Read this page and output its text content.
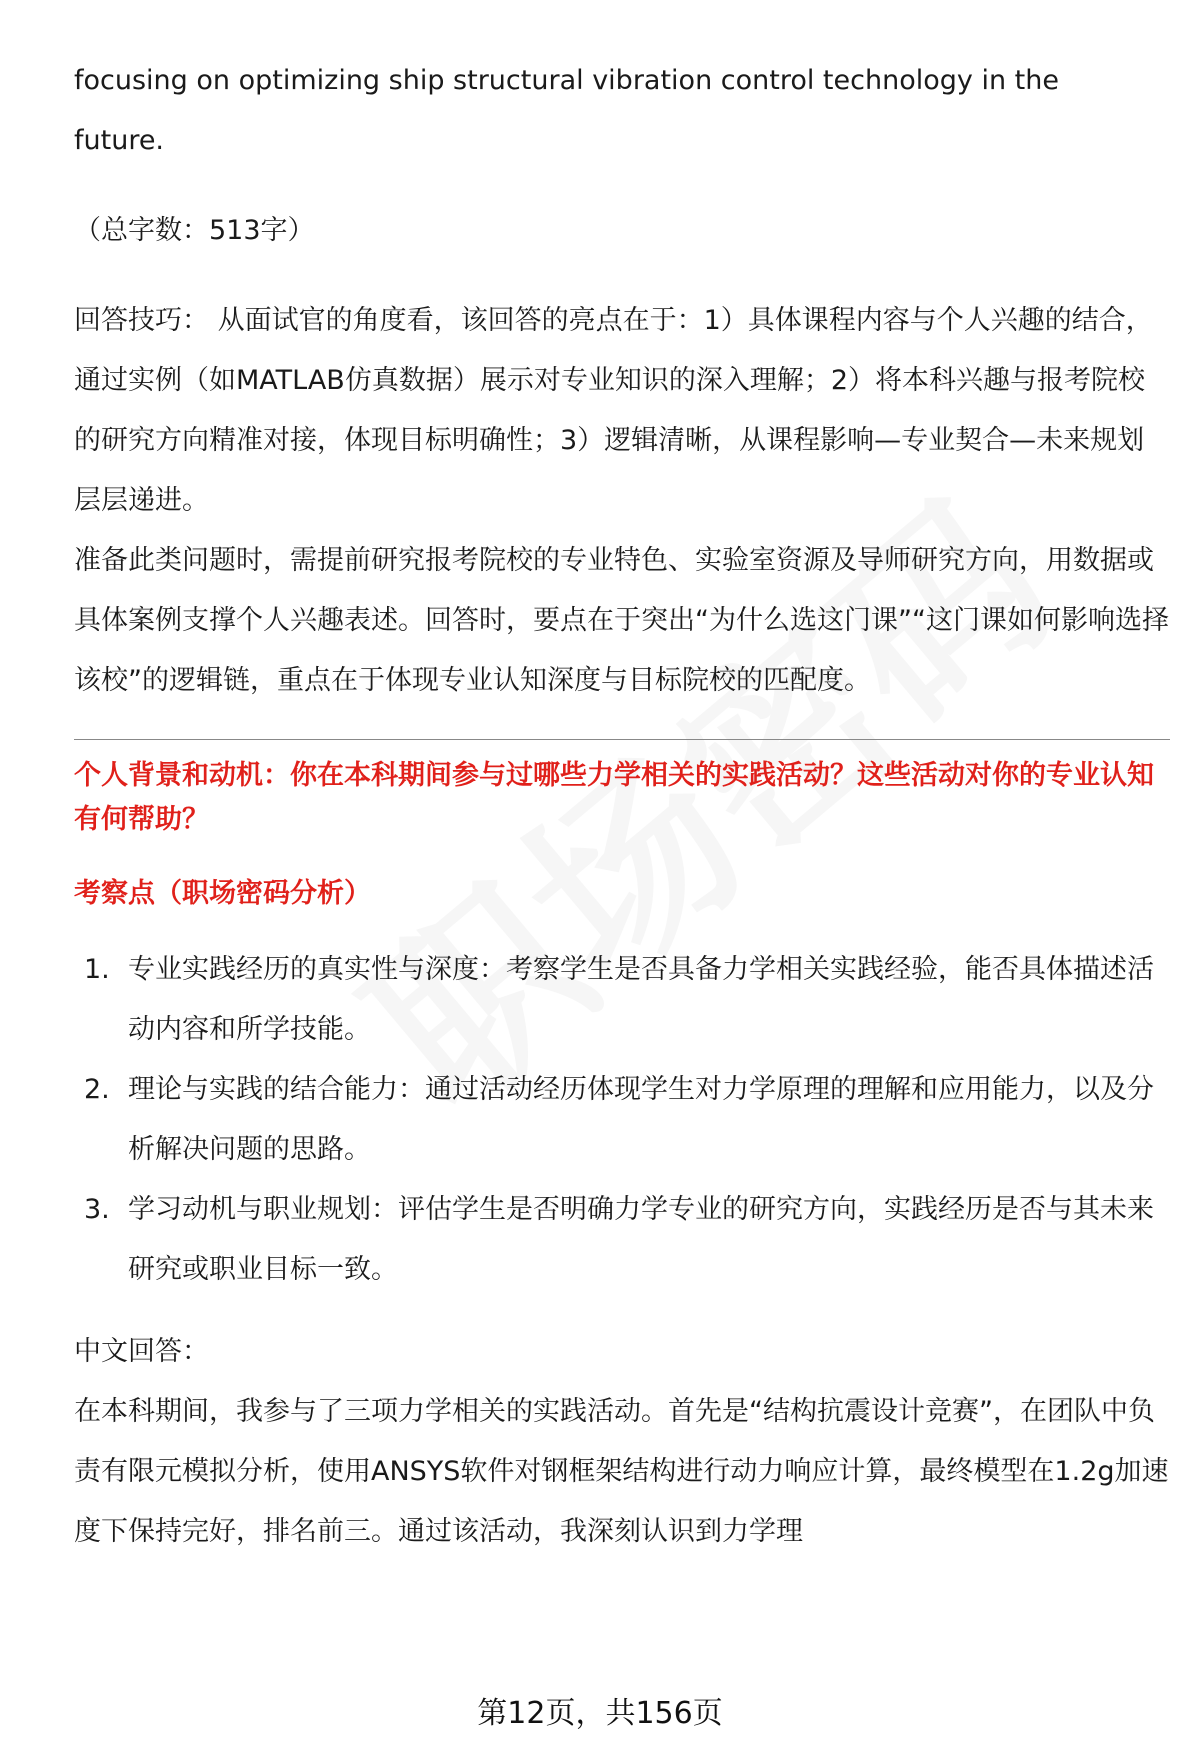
focusing on optimizing ship structural vibration control technology in the

future.

（总字数：513字）

回答技巧： 从面试官的角度看，该回答的亮点在于：1）具体课程内容与个人兴趣的结合，通过实例（如MATLAB仿真数据）展示对专业知识的深入理解；2）将本科兴趣与报考院校的研究方向精准对接，体现目标明确性；3）逻辑清晰，从课程影响—专业契合—未来规划层层递进。

准备此类问题时，需提前研究报考院校的专业特色、实验室资源及导师研究方向，用数据或具体案例支撑个人兴趣表述。回答时，要点在于突出“为什么选这门课”“这门课如何影响选择该校”的逻辑链，重点在于体现专业认知深度与目标院校的匹配度。

个人背景和动机：你在本科期间参与过哪些力学相关的实践活动？这些活动对你的专业认知有何帮助？

考察点（职场密码分析）

1. 专业实践经历的真实性与深度：考察学生是否具备力学相关实践经验，能否具体描述活动内容和所学技能。
2. 理论与实践的结合能力：通过活动经历体现学生对力学原理的理解和应用能力，以及分析解决问题的思路。
3. 学习动机与职业规划：评估学生是否明确力学专业的研究方向，实践经历是否与其未来研究或职业目标一致。

中文回答：

在本科期间，我参与了三项力学相关的实践活动。首先是“结构抗震设计竞赛”，在团队中负责有限元模拟分析，使用ANSYS软件对钢框架结构进行动力响应计算，最终模型在1.2g加速度下保持完好，排名前三。通过该活动，我深刻认识到力学理

第12页，共156页
